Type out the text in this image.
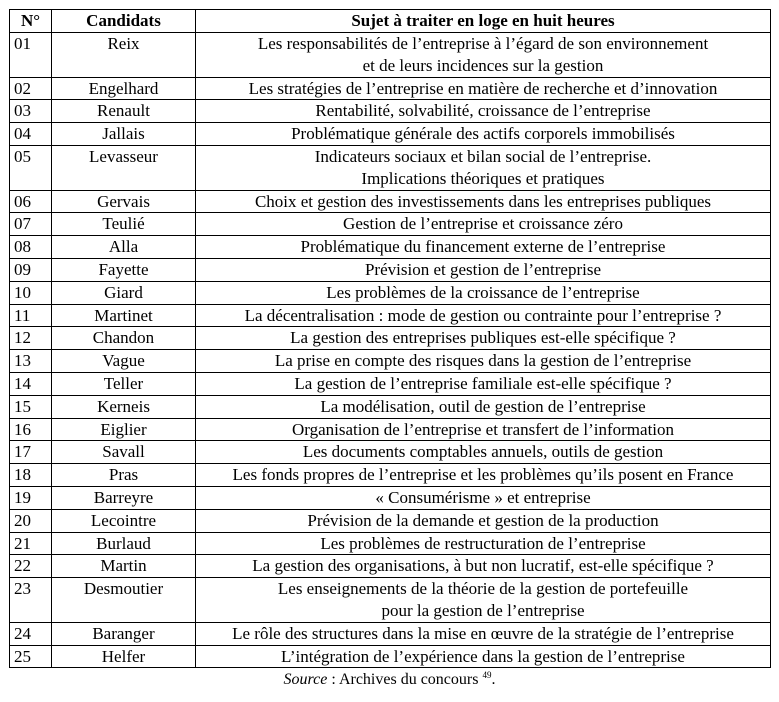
N°	Candidats	Sujet à traiter en loge en huit heures
01	Reix	Les responsabilités de l’entreprise à l’égard de son environnement
et de leurs incidences sur la gestion

02	Engelhard	Les stratégies de l’entreprise en matière de recherche et d’innovation

03	Renault	Rentabilité, solvabilité, croissance de l’entreprise

04	Jallais	Problématique générale des actifs corporels immobilisés

05	Levasseur	Indicateurs sociaux et bilan social de l’entreprise.
Implications théoriques et pratiques

06	Gervais	Choix et gestion des investissements dans les entreprises publiques

07	Teulié	Gestion de l’entreprise et croissance zéro

08	Alla	Problématique du financement externe de l’entreprise

09	Fayette	Prévision et gestion de l’entreprise

10	Giard	Les problèmes de la croissance de l’entreprise

11	Martinet	La décentralisation : mode de gestion ou contrainte pour l’entreprise ?

12	Chandon	La gestion des entreprises publiques est-elle spécifique ?

13	Vague	La prise en compte des risques dans la gestion de l’entreprise

14	Teller	La gestion de l’entreprise familiale est-elle spécifique ?

15	Kerneis	La modélisation, outil de gestion de l’entreprise

16	Eiglier	Organisation de l’entreprise et transfert de l’information

17	Savall	Les documents comptables annuels, outils de gestion

18	Pras	Les fonds propres de l’entreprise et les problèmes qu’ils posent en France

19	Barreyre	« Consumérisme » et entreprise

20	Lecointre	Prévision de la demande et gestion de la production

21	Burlaud	Les problèmes de restructuration de l’entreprise

22	Martin	La gestion des organisations, à but non lucratif, est-elle spécifique ?

23	Desmoutier	Les enseignements de la théorie de la gestion de portefeuille
pour la gestion de l’entreprise

24	Baranger	Le rôle des structures dans la mise en œuvre de la stratégie de l’entreprise

25	Helfer	L’intégration de l’expérience dans la gestion de l’entreprise
Source : Archives du concours $^{49}$.
